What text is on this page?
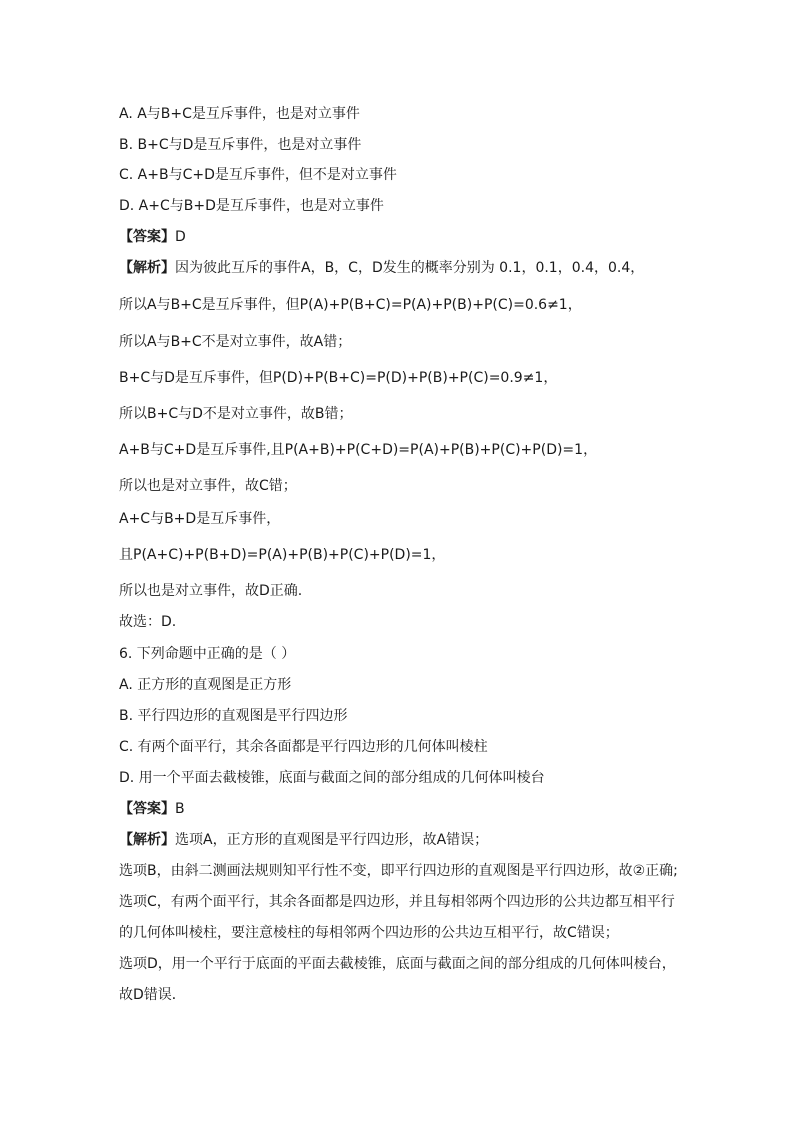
A. A与B+C是互斥事件，也是对立事件
B. B+C与D是互斥事件，也是对立事件
C. A+B与C+D是互斥事件，但不是对立事件
D. A+C与B+D是互斥事件，也是对立事件
【答案】D
【解析】因为彼此互斥的事件A，B，C，D发生的概率分别为 0.1，0.1，0.4，0.4，
所以A与B+C是互斥事件，但P(A)+P(B+C)=P(A)+P(B)+P(C)=0.6≠1，
所以A与B+C不是对立事件，故A错；
B+C与D是互斥事件，但P(D)+P(B+C)=P(D)+P(B)+P(C)=0.9≠1，
所以B+C与D不是对立事件，故B错；
A+B与C+D是互斥事件,且P(A+B)+P(C+D)=P(A)+P(B)+P(C)+P(D)=1，
所以也是对立事件，故C错；
A+C与B+D是互斥事件，
且P(A+C)+P(B+D)=P(A)+P(B)+P(C)+P(D)=1，
所以也是对立事件，故D正确.
故选：D.
6. 下列命题中正确的是（ ）
A. 正方形的直观图是正方形
B. 平行四边形的直观图是平行四边形
C. 有两个面平行，其余各面都是平行四边形的几何体叫棱柱
D. 用一个平面去截棱锥，底面与截面之间的部分组成的几何体叫棱台
【答案】B
【解析】选项A，正方形的直观图是平行四边形，故A错误；
选项B，由斜二测画法规则知平行性不变，即平行四边形的直观图是平行四边形，故②正确;
选项C，有两个面平行，其余各面都是四边形，并且每相邻两个四边形的公共边都互相平行
的几何体叫棱柱，要注意棱柱的每相邻两个四边形的公共边互相平行，故C错误；
选项D，用一个平行于底面的平面去截棱锥，底面与截面之间的部分组成的几何体叫棱台，
故D错误．
